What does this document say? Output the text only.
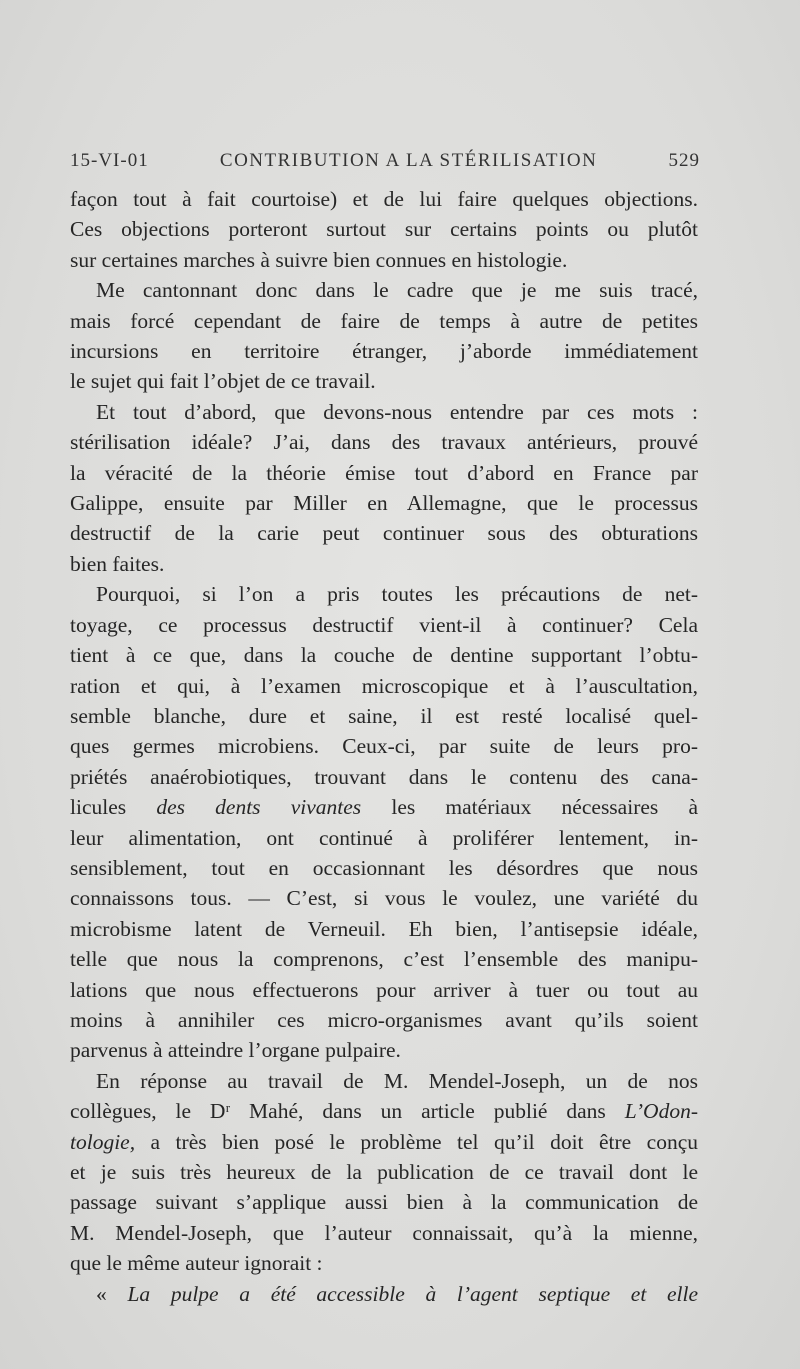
15-VI-01	CONTRIBUTION A LA STÉRILISATION	529
façon tout à fait courtoise) et de lui faire quelques objections.
Ces objections porteront surtout sur certains points ou plutôt
sur certaines marches à suivre bien connues en histologie.
Me cantonnant donc dans le cadre que je me suis tracé,
mais forcé cependant de faire de temps à autre de petites
incursions en territoire étranger, j’aborde immédiatement
le sujet qui fait l’objet de ce travail.
Et tout d’abord, que devons-nous entendre par ces mots :
stérilisation idéale? J’ai, dans des travaux antérieurs, prouvé
la véracité de la théorie émise tout d’abord en France par
Galippe, ensuite par Miller en Allemagne, que le processus
destructif de la carie peut continuer sous des obturations
bien faites.
Pourquoi, si l’on a pris toutes les précautions de net-
toyage, ce processus destructif vient-il à continuer? Cela
tient à ce que, dans la couche de dentine supportant l’obtu-
ration et qui, à l’examen microscopique et à l’auscultation,
semble blanche, dure et saine, il est resté localisé quel-
ques germes microbiens. Ceux-ci, par suite de leurs pro-
priétés anaérobiotiques, trouvant dans le contenu des cana-
licules des dents vivantes les matériaux nécessaires à
leur alimentation, ont continué à proliférer lentement, in-
sensiblement, tout en occasionnant les désordres que nous
connaissons tous. — C’est, si vous le voulez, une variété du
microbisme latent de Verneuil. Eh bien, l’antisepsie idéale,
telle que nous la comprenons, c’est l’ensemble des manipu-
lations que nous effectuerons pour arriver à tuer ou tout au
moins à annihiler ces micro-organismes avant qu’ils soient
parvenus à atteindre l’organe pulpaire.
En réponse au travail de M. Mendel-Joseph, un de nos
collègues, le Dʳ Mahé, dans un article publié dans L’Odon-
tologie, a très bien posé le problème tel qu’il doit être conçu
et je suis très heureux de la publication de ce travail dont le
passage suivant s’applique aussi bien à la communication de
M. Mendel-Joseph, que l’auteur connaissait, qu’à la mienne,
que le même auteur ignorait :
« La pulpe a été accessible à l’agent septique et elle
